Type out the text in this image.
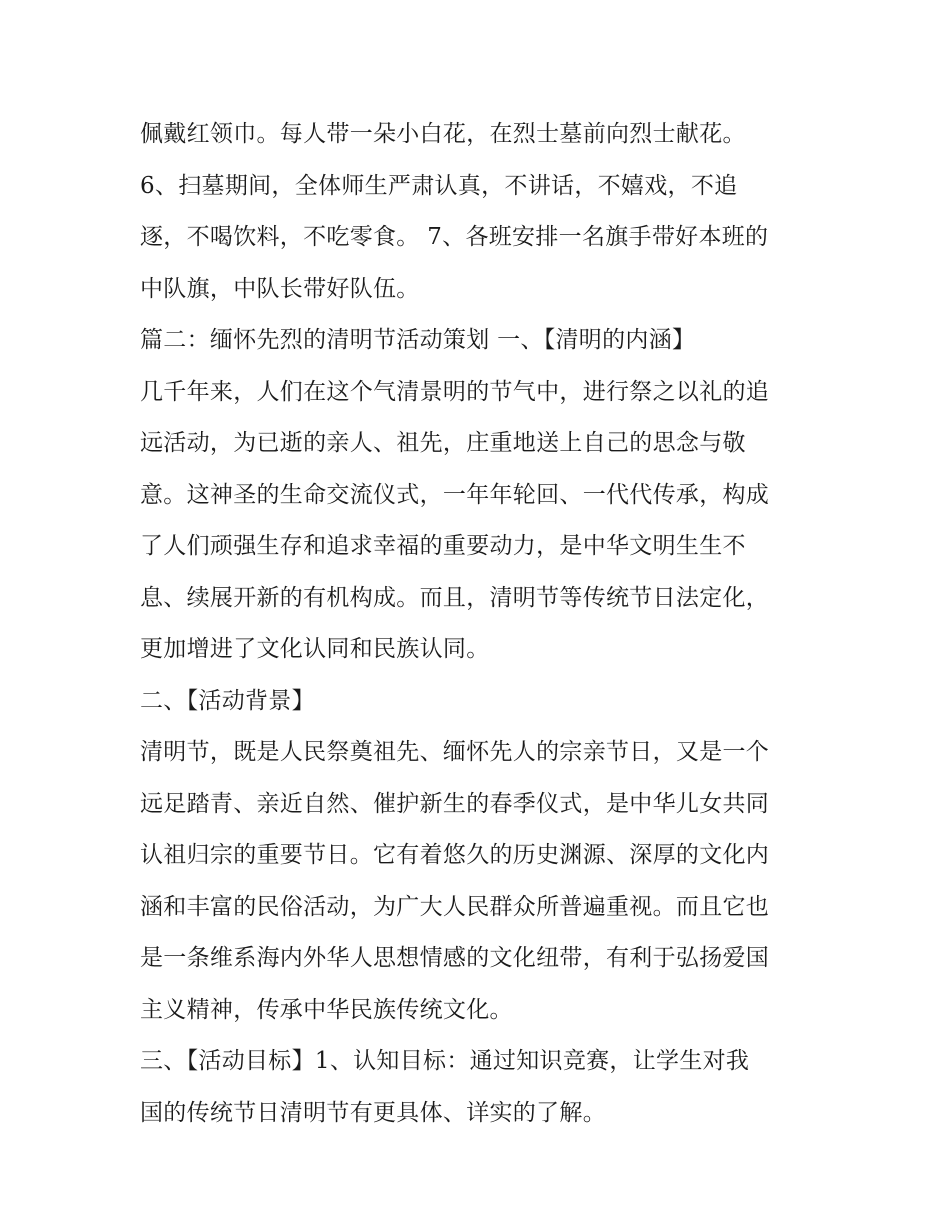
佩戴红领巾。每人带一朵小白花，在烈士墓前向烈士献花。
6、扫墓期间，全体师生严肃认真，不讲话，不嬉戏，不追
逐，不喝饮料，不吃零食。 7、各班安排一名旗手带好本班的
中队旗，中队长带好队伍。
篇二：缅怀先烈的清明节活动策划 一、【清明的内涵】
几千年来，人们在这个气清景明的节气中，进行祭之以礼的追
远活动，为已逝的亲人、祖先，庄重地送上自己的思念与敬
意。这神圣的生命交流仪式，一年年轮回、一代代传承，构成
了人们顽强生存和追求幸福的重要动力，是中华文明生生不
息、续展开新的有机构成。而且，清明节等传统节日法定化，
更加增进了文化认同和民族认同。
二、【活动背景】
清明节，既是人民祭奠祖先、缅怀先人的宗亲节日，又是一个
远足踏青、亲近自然、催护新生的春季仪式，是中华儿女共同
认祖归宗的重要节日。它有着悠久的历史渊源、深厚的文化内
涵和丰富的民俗活动，为广大人民群众所普遍重视。而且它也
是一条维系海内外华人思想情感的文化纽带，有利于弘扬爱国
主义精神，传承中华民族传统文化。
三、【活动目标】1、认知目标：通过知识竞赛，让学生对我
国的传统节日清明节有更具体、详实的了解。
